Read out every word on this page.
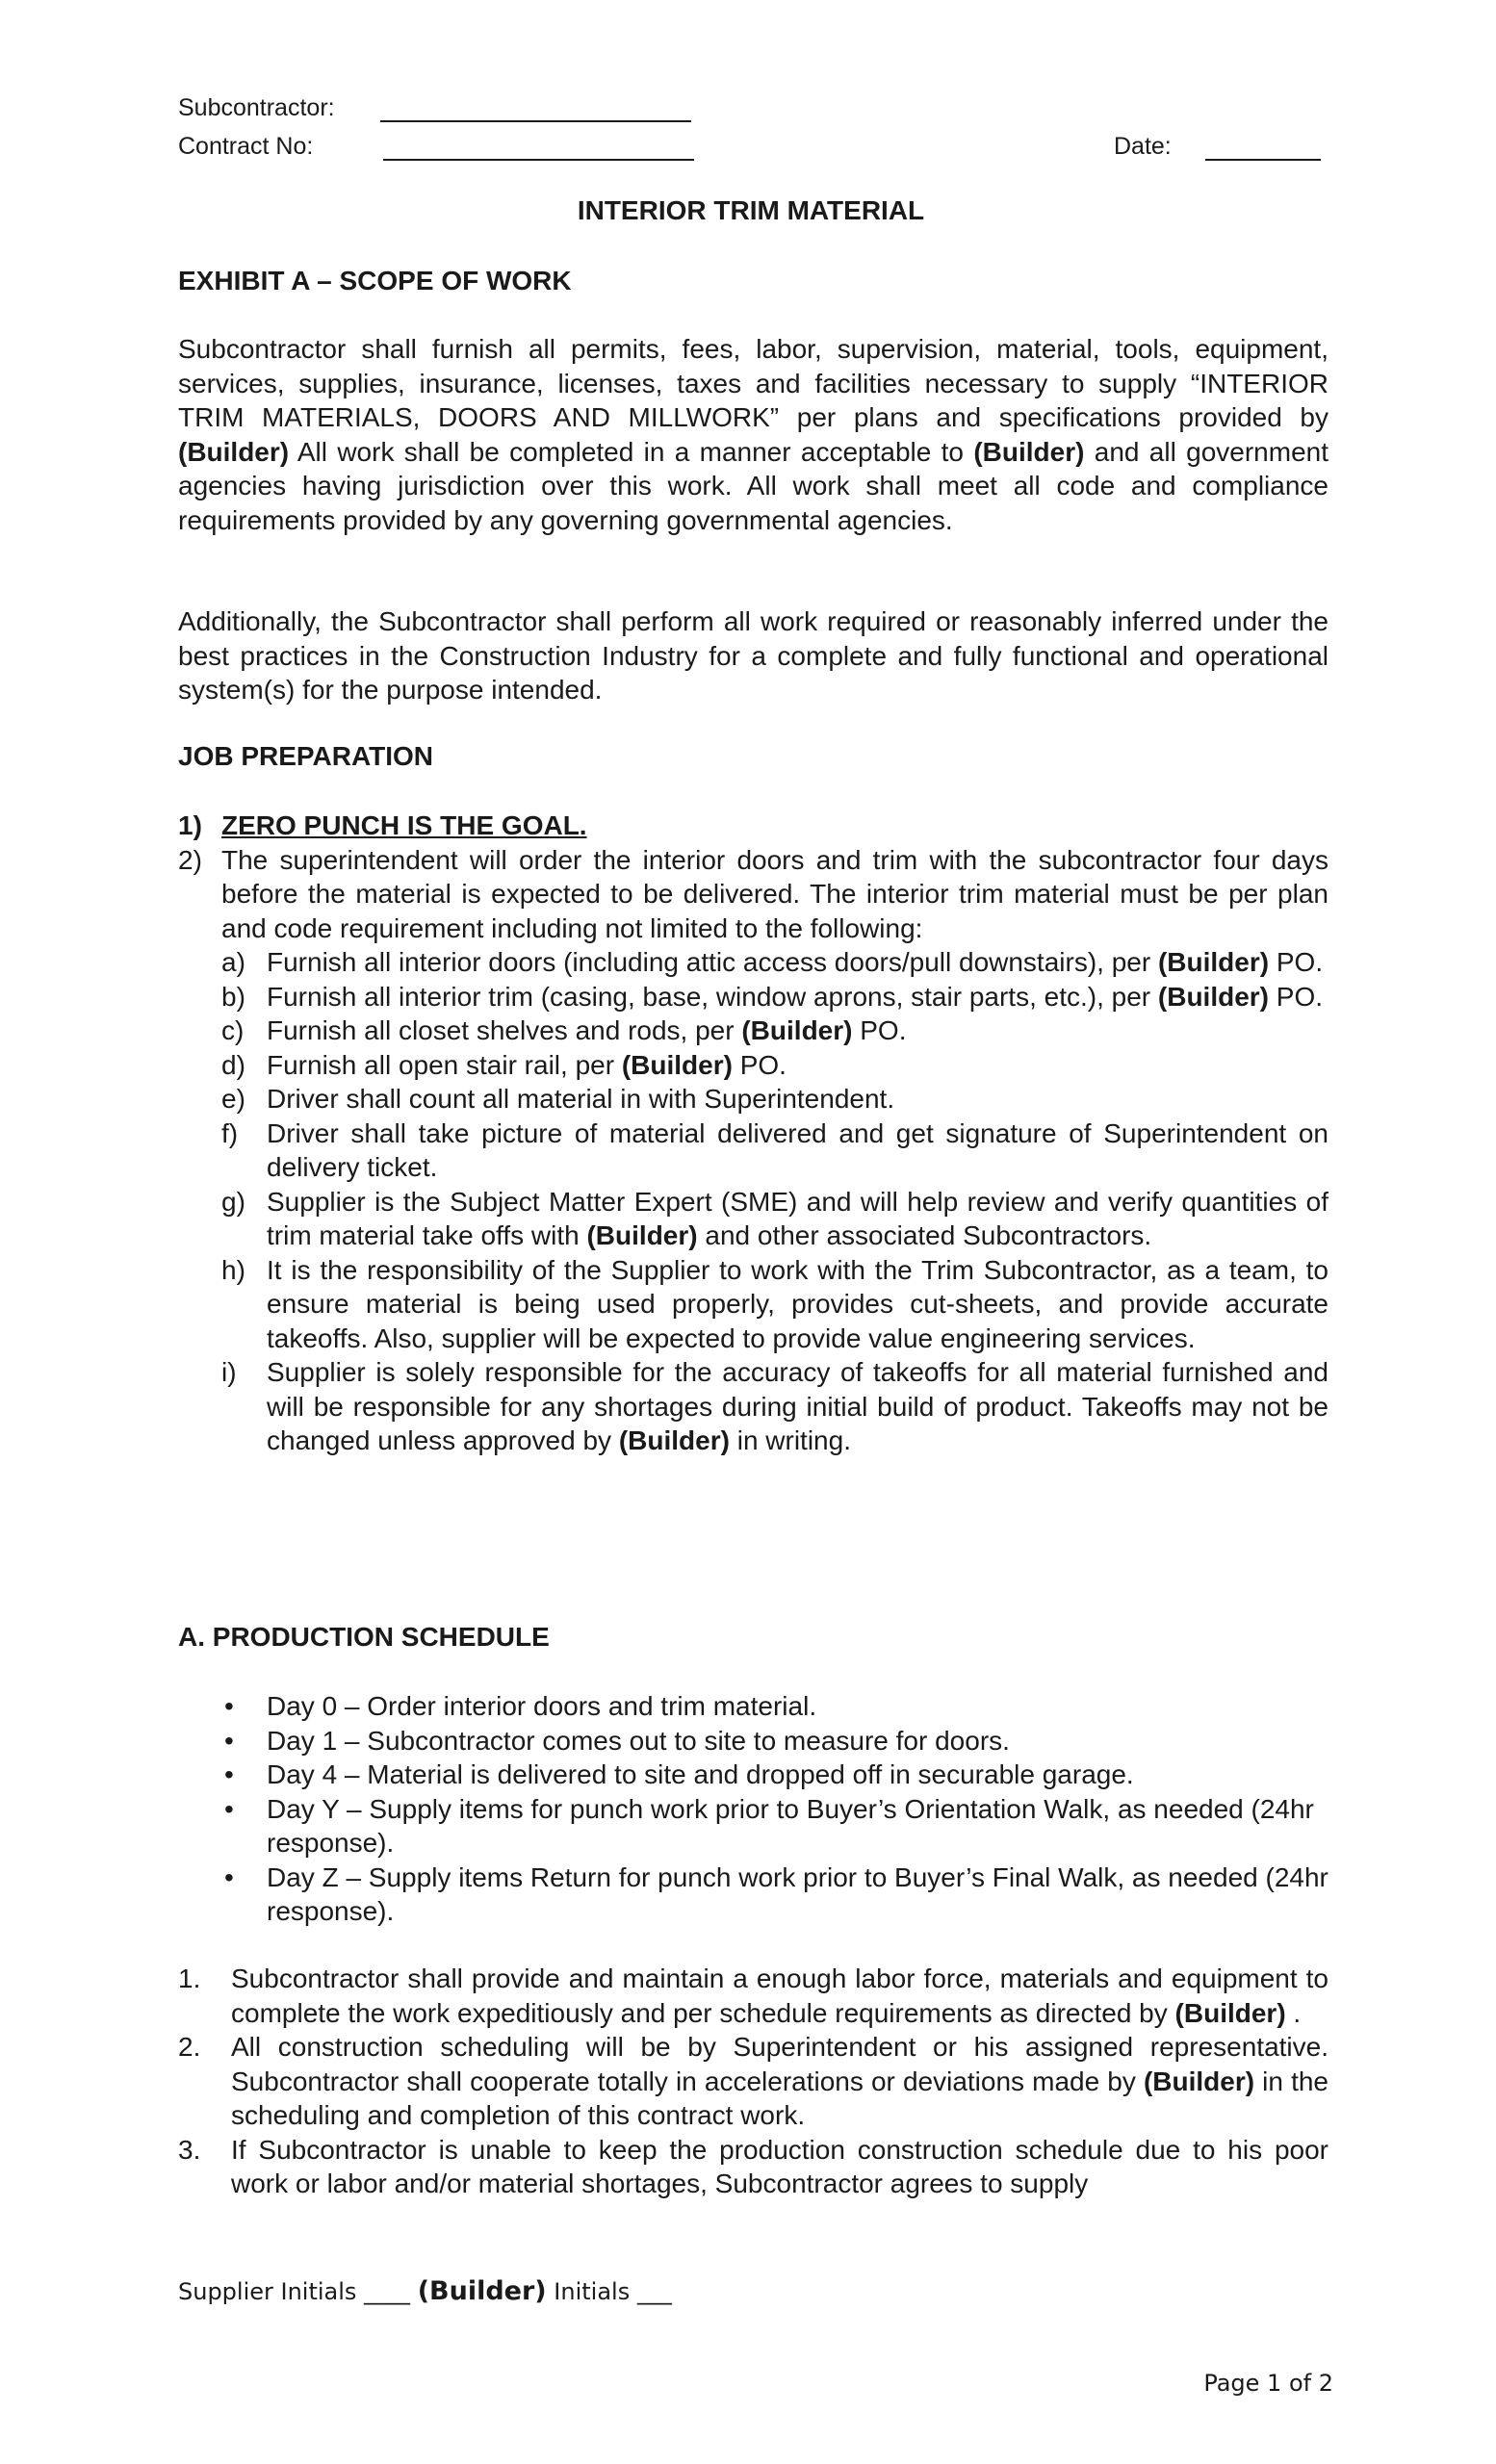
Subcontractor:
Contract No:	Date:
INTERIOR TRIM MATERIAL
EXHIBIT A – SCOPE OF WORK
Subcontractor shall furnish all permits, fees, labor, supervision, material, tools, equipment, services, supplies, insurance, licenses, taxes and facilities necessary to supply “INTERIOR TRIM MATERIALS, DOORS AND MILLWORK” per plans and specifications provided by (Builder) All work shall be completed in a manner acceptable to (Builder) and all government agencies having jurisdiction over this work. All work shall meet all code and compliance requirements provided by any governing governmental agencies.
Additionally, the Subcontractor shall perform all work required or reasonably inferred under the best practices in the Construction Industry for a complete and fully functional and operational system(s) for the purpose intended.
JOB PREPARATION
1) ZERO PUNCH IS THE GOAL.
2) The superintendent will order the interior doors and trim with the subcontractor four days before the material is expected to be delivered. The interior trim material must be per plan and code requirement including not limited to the following:
a) Furnish all interior doors (including attic access doors/pull downstairs), per (Builder) PO.
b) Furnish all interior trim (casing, base, window aprons, stair parts, etc.), per (Builder) PO.
c) Furnish all closet shelves and rods, per (Builder) PO.
d) Furnish all open stair rail, per (Builder) PO.
e) Driver shall count all material in with Superintendent.
f) Driver shall take picture of material delivered and get signature of Superintendent on delivery ticket.
g) Supplier is the Subject Matter Expert (SME) and will help review and verify quantities of trim material take offs with (Builder) and other associated Subcontractors.
h) It is the responsibility of the Supplier to work with the Trim Subcontractor, as a team, to ensure material is being used properly, provides cut-sheets, and provide accurate takeoffs. Also, supplier will be expected to provide value engineering services.
i) Supplier is solely responsible for the accuracy of takeoffs for all material furnished and will be responsible for any shortages during initial build of product. Takeoffs may not be changed unless approved by (Builder) in writing.
A. PRODUCTION SCHEDULE
• Day 0 – Order interior doors and trim material.
• Day 1 – Subcontractor comes out to site to measure for doors.
• Day 4 – Material is delivered to site and dropped off in securable garage.
• Day Y – Supply items for punch work prior to Buyer’s Orientation Walk, as needed (24hr response).
• Day Z – Supply items Return for punch work prior to Buyer’s Final Walk, as needed (24hr response).
1. Subcontractor shall provide and maintain a enough labor force, materials and equipment to complete the work expeditiously and per schedule requirements as directed by (Builder) .
2. All construction scheduling will be by Superintendent or his assigned representative. Subcontractor shall cooperate totally in accelerations or deviations made by (Builder) in the scheduling and completion of this contract work.
3. If Subcontractor is unable to keep the production construction schedule due to his poor work or labor and/or material shortages, Subcontractor agrees to supply
Supplier Initials ____ (Builder) Initials ___
Page 1 of 2
